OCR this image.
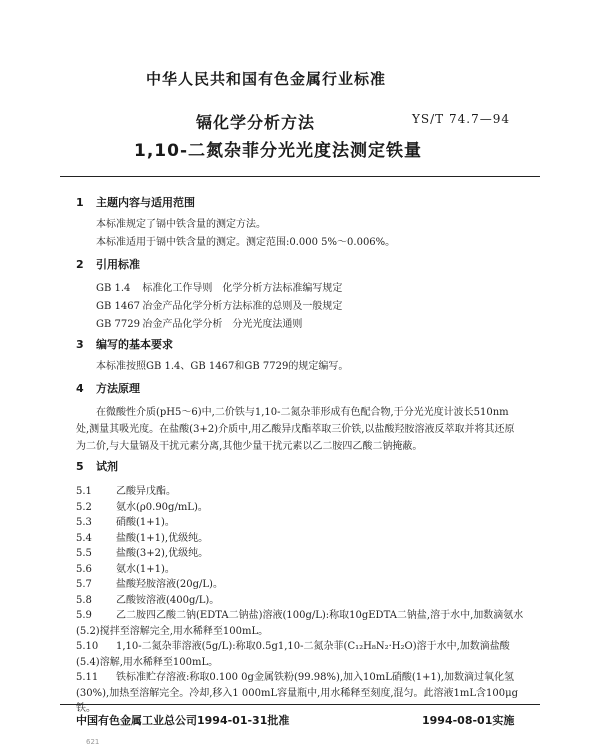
中华人民共和国有色金属行业标准
镉化学分析方法	YS/T 74.7—94
1,10-二氮杂菲分光光度法测定铁量
1 主题内容与适用范围
本标准规定了镉中铁含量的测定方法。
本标准适用于镉中铁含量的测定。测定范围:0.000 5%～0.006%。
2 引用标准
GB 1.4 标准化工作导则　化学分析方法标准编写规定
GB 1467 冶金产品化学分析方法标准的总则及一般规定
GB 7729 冶金产品化学分析　分光光度法通则
3 编写的基本要求
本标准按照GB 1.4、GB 1467和GB 7729的规定编写。
4 方法原理
在微酸性介质(pH5～6)中,二价铁与1,10-二氮杂菲形成有色配合物,于分光光度计波长510nm
处,测量其吸光度。在盐酸(3+2)介质中,用乙酸异戊酯萃取三价铁,以盐酸羟胺溶液反萃取并将其还原
为二价,与大量镉及干扰元素分离,其他少量干扰元素以乙二胺四乙酸二钠掩蔽。
5 试剂
5.1 乙酸异戊酯。
5.2 氨水(ρ0.90g/mL)。
5.3 硝酸(1+1)。
5.4 盐酸(1+1),优级纯。
5.5 盐酸(3+2),优级纯。
5.6 氨水(1+1)。
5.7 盐酸羟胺溶液(20g/L)。
5.8 乙酸铵溶液(400g/L)。
5.9 乙二胺四乙酸二钠(EDTA二钠盐)溶液(100g/L):称取10gEDTA二钠盐,溶于水中,加数滴氨水
(5.2)搅拌至溶解完全,用水稀释至100mL。
5.10 1,10-二氮杂菲溶液(5g/L):称取0.5g1,10-二氮杂菲(C₁₂H₈N₂·H₂O)溶于水中,加数滴盐酸
(5.4)溶解,用水稀释至100mL。
5.11 铁标准贮存溶液:称取0.100 0g金属铁粉(99.98%),加入10mL硝酸(1+1),加数滴过氧化氢
(30%),加热至溶解完全。冷却,移入1 000mL容量瓶中,用水稀释至刻度,混匀。此溶液1mL含100μg
铁。
中国有色金属工业总公司1994-01-31批准	1994-08-01实施
621
